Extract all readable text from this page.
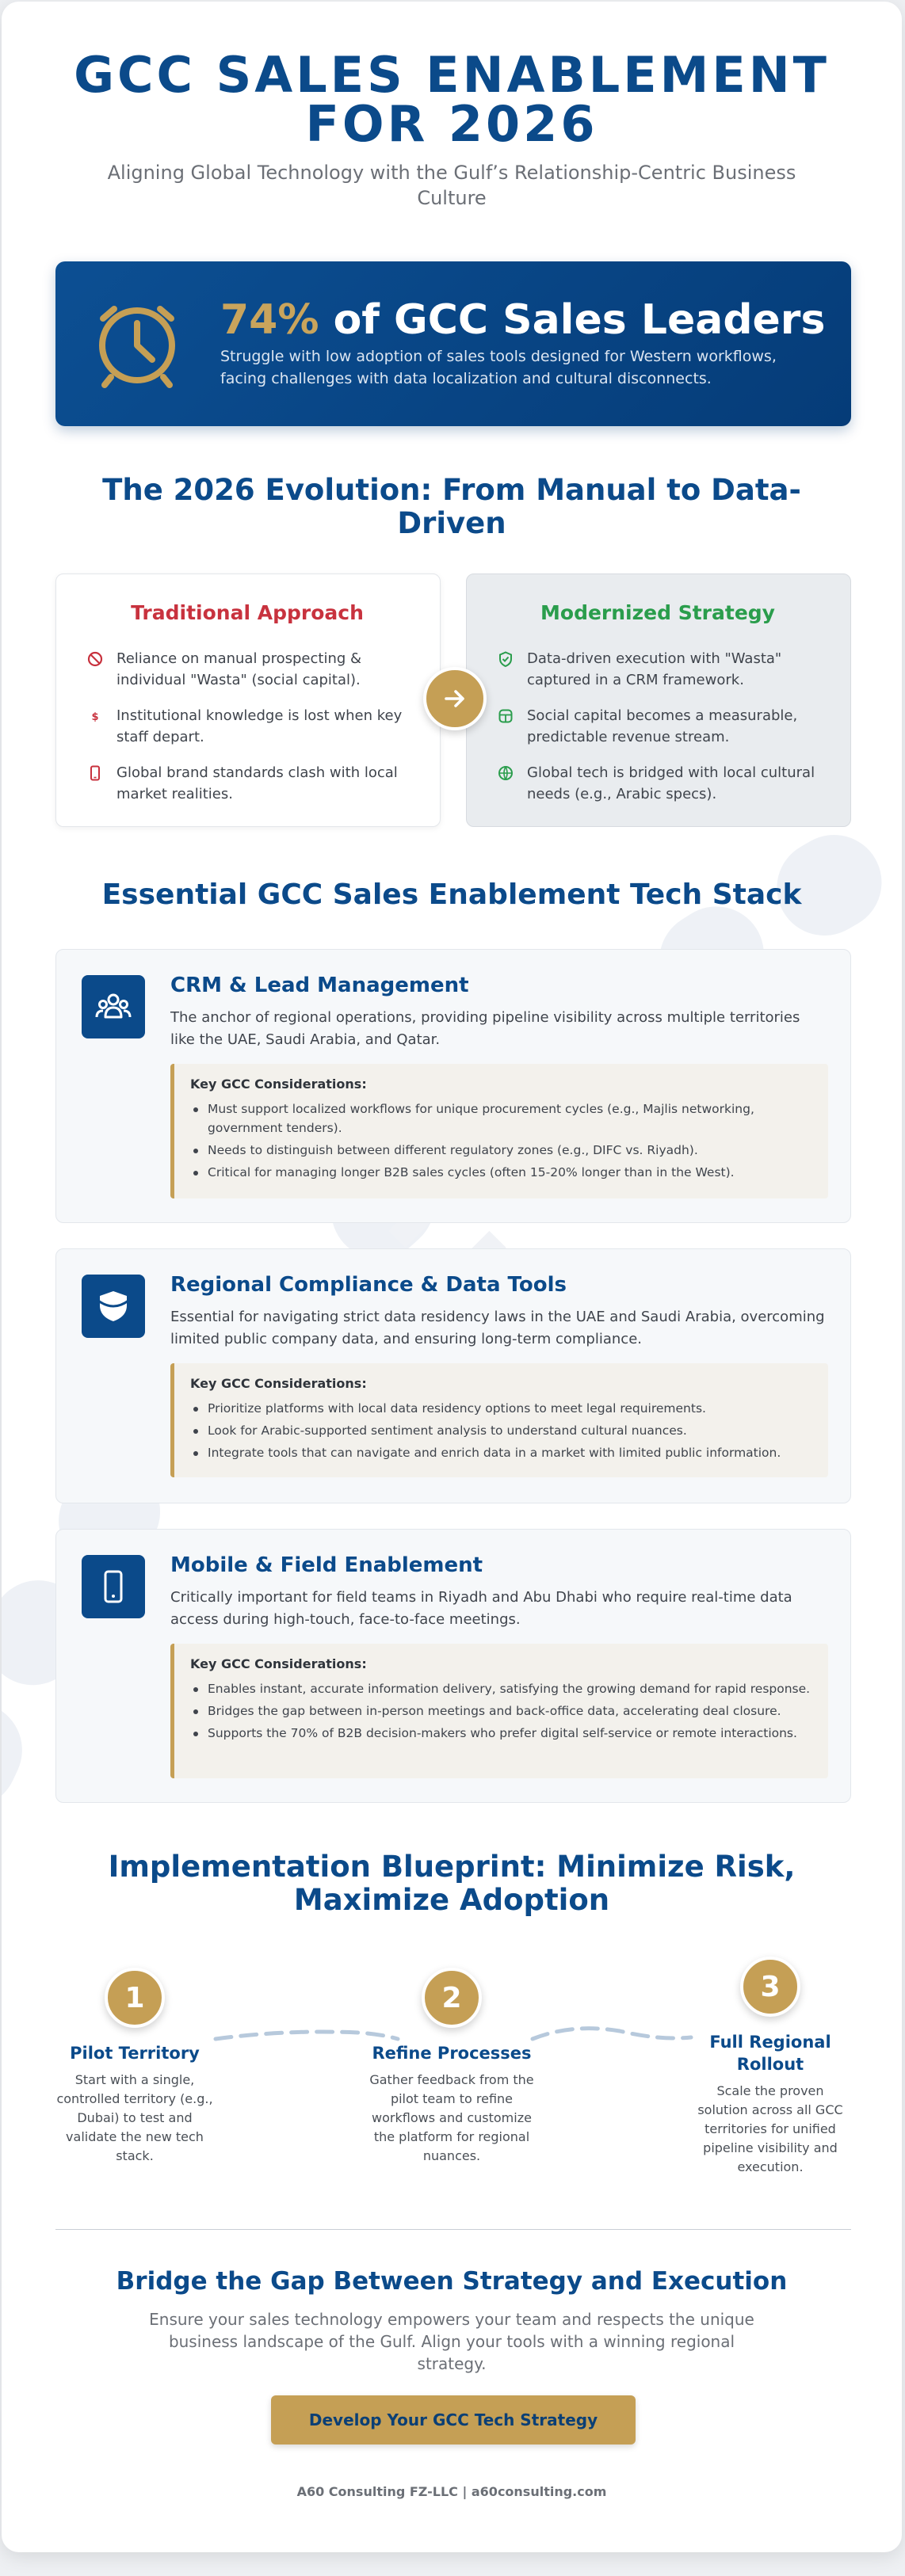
GCC SALES ENABLEMENT
FOR 2026
Aligning Global Technology with the Gulf’s Relationship-Centric Business Culture
74% of GCC Sales Leaders
Struggle with low adoption of sales tools designed for Western workflows, facing challenges with data localization and cultural disconnects.
The 2026 Evolution: From Manual to Data-Driven
Traditional Approach
Reliance on manual prospecting & individual "Wasta" (social capital).
$ Institutional knowledge is lost when key staff depart.
Global brand standards clash with local market realities.
Modernized Strategy
Data-driven execution with "Wasta" captured in a CRM framework.
Social capital becomes a measurable, predictable revenue stream.
Global tech is bridged with local cultural needs (e.g., Arabic specs).
Essential GCC Sales Enablement Tech Stack
CRM & Lead Management
The anchor of regional operations, providing pipeline visibility across multiple territories like the UAE, Saudi Arabia, and Qatar.
Key GCC Considerations:
Must support localized workflows for unique procurement cycles (e.g., Majlis networking, government tenders).
Needs to distinguish between different regulatory zones (e.g., DIFC vs. Riyadh).
Critical for managing longer B2B sales cycles (often 15-20% longer than in the West).
Regional Compliance & Data Tools
Essential for navigating strict data residency laws in the UAE and Saudi Arabia, overcoming limited public company data, and ensuring long-term compliance.
Key GCC Considerations:
Prioritize platforms with local data residency options to meet legal requirements.
Look for Arabic-supported sentiment analysis to understand cultural nuances.
Integrate tools that can navigate and enrich data in a market with limited public information.
Mobile & Field Enablement
Critically important for field teams in Riyadh and Abu Dhabi who require real-time data access during high-touch, face-to-face meetings.
Key GCC Considerations:
Enables instant, accurate information delivery, satisfying the growing demand for rapid response.
Bridges the gap between in-person meetings and back-office data, accelerating deal closure.
Supports the 70% of B2B decision-makers who prefer digital self-service or remote interactions.
Implementation Blueprint: Minimize Risk, Maximize Adoption
1
Pilot Territory
Start with a single, controlled territory (e.g., Dubai) to test and validate the new tech stack.
2
Refine Processes
Gather feedback from the pilot team to refine workflows and customize the platform for regional nuances.
3
Full Regional Rollout
Scale the proven solution across all GCC territories for unified pipeline visibility and execution.
Bridge the Gap Between Strategy and Execution
Ensure your sales technology empowers your team and respects the unique business landscape of the Gulf. Align your tools with a winning regional strategy.
Develop Your GCC Tech Strategy
A60 Consulting FZ-LLC | a60consulting.com
